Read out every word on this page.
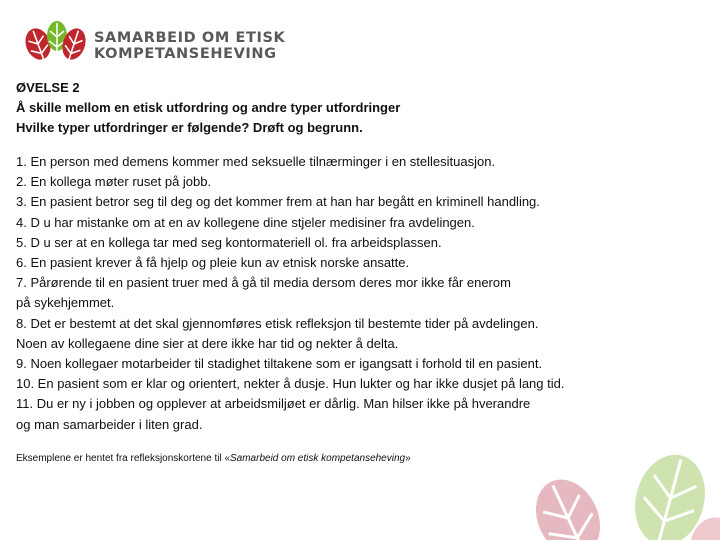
SAMARBEID OM ETISK
KOMPETANSEHEVING
ØVELSE 2
Å skille mellom en etisk utfordring og andre typer utfordringer
Hvilke typer utfordringer er følgende? Drøft og begrunn.
1. En person med demens kommer med seksuelle tilnærminger i en stellesituasjon.
2. En kollega møter ruset på jobb.
3. En pasient betror seg til deg og det kommer frem at han har begått en kriminell handling.
4. D u har mistanke om at en av kollegene dine stjeler medisiner fra avdelingen.
5. D u ser at en kollega tar med seg kontormateriell ol. fra arbeidsplassen.
6. En pasient krever å få hjelp og pleie kun av etnisk norske ansatte.
7. Pårørende til en pasient truer med å gå til media dersom deres mor ikke får enerom
på sykehjemmet.
8. Det er bestemt at det skal gjennomføres etisk refleksjon til bestemte tider på avdelingen.
Noen av kollegaene dine sier at dere ikke har tid og nekter å delta.
9. Noen kollegaer motarbeider til stadighet tiltakene som er igangsatt i forhold til en pasient.
10. En pasient som er klar og orientert, nekter å dusje. Hun lukter og har ikke dusjet på lang tid.
11. Du er ny i jobben og opplever at arbeidsmiljøet er dårlig. Man hilser ikke på hverandre
og man samarbeider i liten grad.
Eksemplene er hentet fra refleksjonskortene til «Samarbeid om etisk kompetanseheving»
